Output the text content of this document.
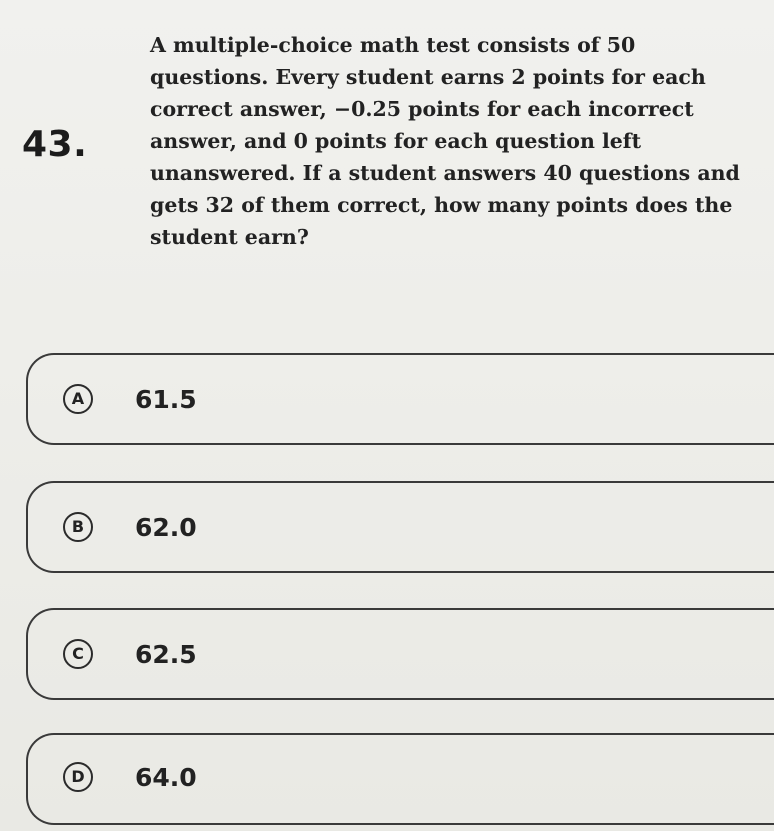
43.
A multiple-choice math test consists of 50
questions. Every student earns 2 points for each
correct answer, −0.25 points for each incorrect
answer, and 0 points for each question left
unanswered. If a student answers 40 questions and
gets 32 of them correct, how many points does the
student earn?
A	61.5
B	62.0
C	62.5
D	64.0
